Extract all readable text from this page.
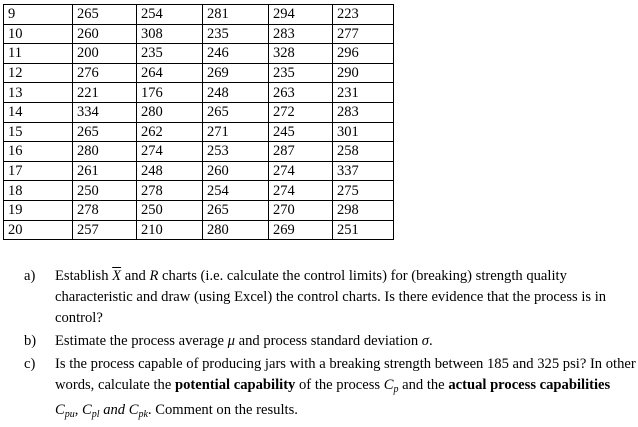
9	265	254	281	294	223
10	260	308	235	283	277
11	200	235	246	328	296
12	276	264	269	235	290
13	221	176	248	263	231
14	334	280	265	272	283
15	265	262	271	245	301
16	280	274	253	287	258
17	261	248	260	274	337
18	250	278	254	274	275
19	278	250	265	270	298
20	257	210	280	269	251
a) Establish $\overline{X}$ and R charts (i.e. calculate the control limits) for (breaking) strength quality characteristic and draw (using Excel) the control charts. Is there evidence that the process is in control?
b) Estimate the process average μ and process standard deviation σ.
c) Is the process capable of producing jars with a breaking strength between 185 and 325 psi? In other words, calculate the potential capability of the process $C_p$ and the actual process capabilities $C_{pu}$, $C_{pl}$ and $C_{pk}$. Comment on the results.
